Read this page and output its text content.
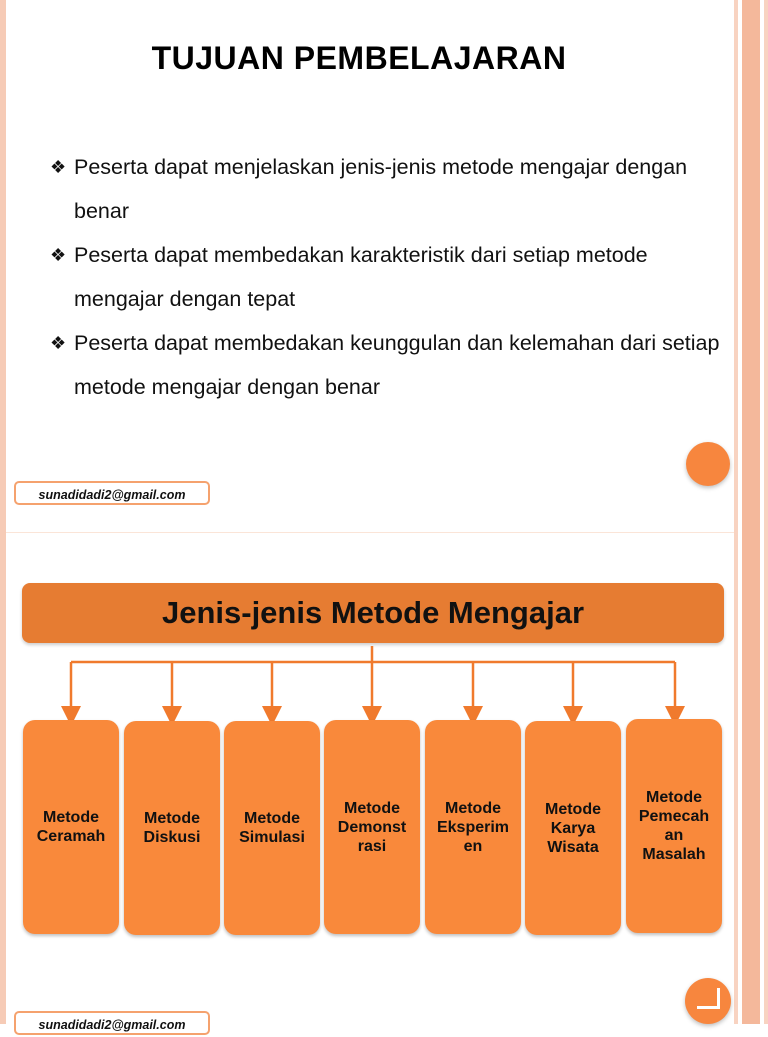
TUJUAN PEMBELAJARAN
❖ Peserta dapat menjelaskan jenis-jenis metode mengajar dengan benar
❖ Peserta dapat membedakan karakteristik dari setiap metode mengajar dengan tepat
❖ Peserta dapat membedakan keunggulan dan kelemahan dari setiap metode mengajar dengan benar
sunadidadi2@gmail.com
Jenis-jenis Metode Mengajar
Metode
Ceramah
Metode
Diskusi
Metode
Simulasi
Metode
Demonst
rasi
Metode
Eksperim
en
Metode
Karya
Wisata
Metode
Pemecah
an
Masalah
sunadidadi2@gmail.com
